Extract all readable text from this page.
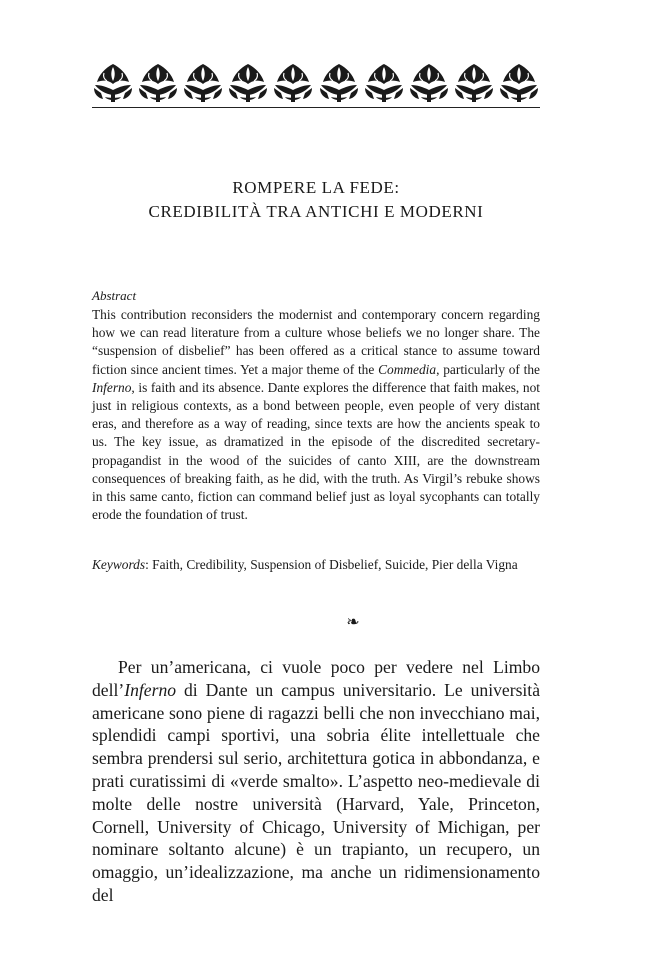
ROMPERE LA FEDE:
CREDIBILITÀ TRA ANTICHI E MODERNI
Abstract

This contribution reconsiders the modernist and contemporary concern regarding how we can read literature from a culture whose beliefs we no longer share. The “suspension of disbelief” has been offered as a critical stance to assume toward fiction since ancient times. Yet a major theme of the Commedia, particularly of the Inferno, is faith and its absence. Dante explores the difference that faith makes, not just in religious contexts, as a bond between people, even people of very distant eras, and therefore as a way of reading, since texts are how the ancients speak to us. The key issue, as dramatized in the episode of the discredited secretary-propagandist in the wood of the suicides of canto XIII, are the downstream consequences of breaking faith, as he did, with the truth. As Virgil’s rebuke shows in this same canto, fiction can command belief just as loyal sycophants can totally erode the foundation of trust.

Keywords: Faith, Credibility, Suspension of Disbelief, Suicide, Pier della Vigna

❧

Per un’americana, ci vuole poco per vedere nel Limbo dell’Inferno di Dante un campus universitario. Le università americane sono piene di ragazzi belli che non invecchiano mai, splendidi campi sportivi, una sobria élite intellettuale che sembra prendersi sul serio, architettura gotica in abbondanza, e prati curatissimi di «verde smalto». L’aspetto neo-medievale di molte delle nostre università (Harvard, Yale, Princeton, Cornell, University of Chicago, University of Michigan, per nominare soltanto alcune) è un trapianto, un recupero, un omaggio, un’idealizzazione, ma anche un ridimensionamento del
